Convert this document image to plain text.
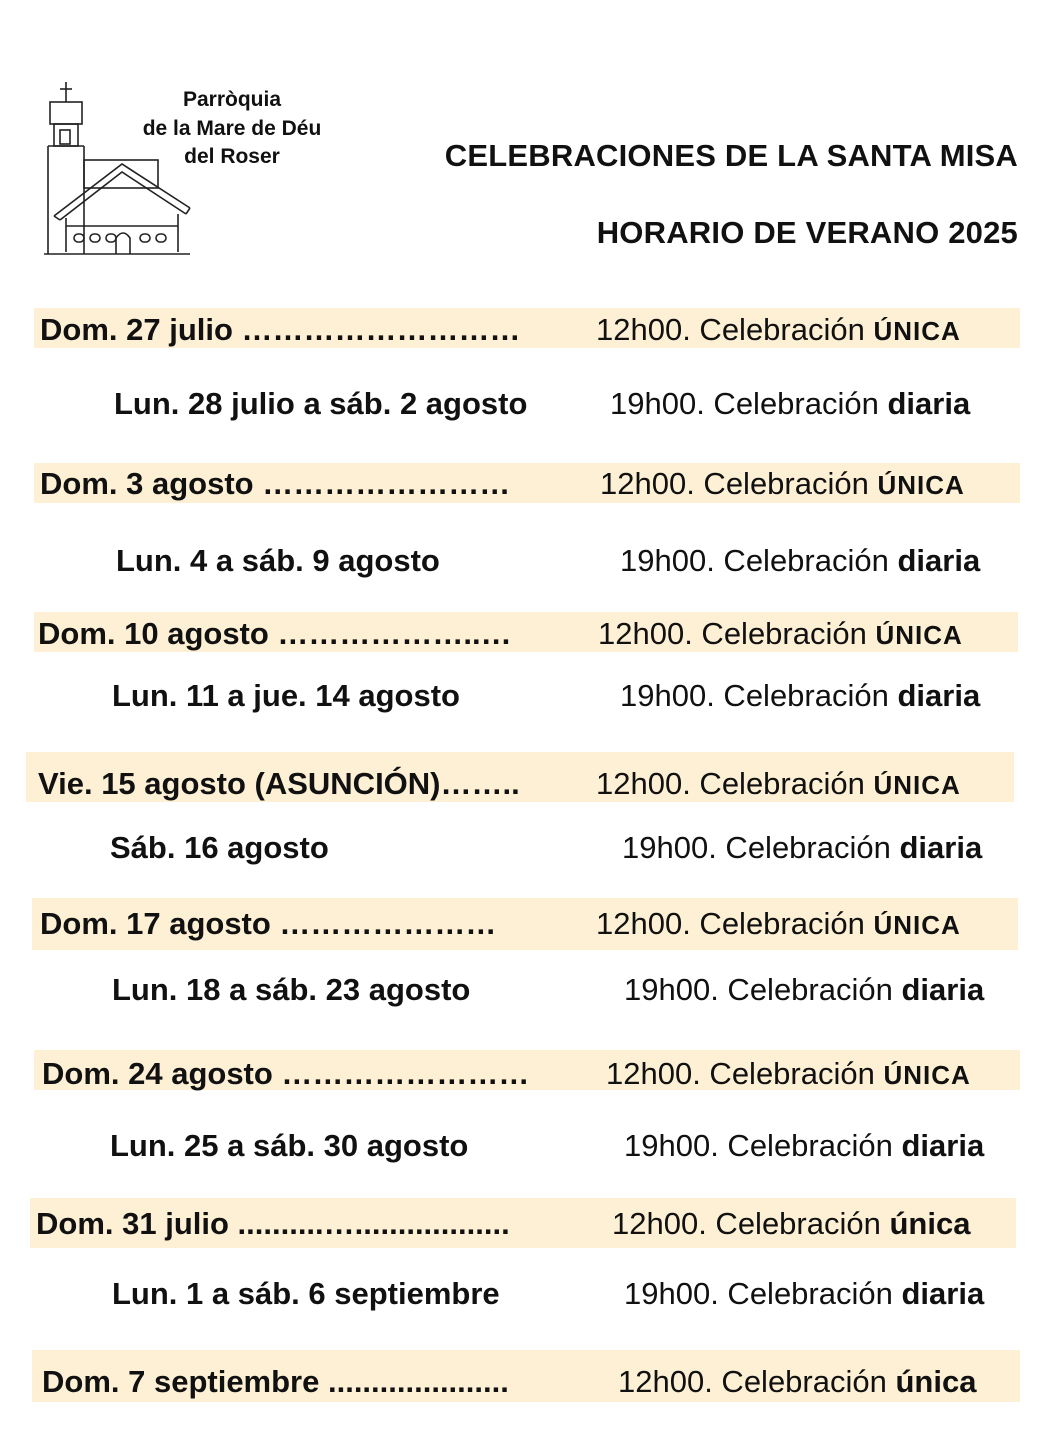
Parròquia
de la Mare de Déu
del Roser	CELEBRACIONES DE LA SANTA MISA
HORARIO DE VERANO 2025
Dom. 27 julio ……………………… 12h00. Celebración ÚNICA
Lun. 28 julio a sáb. 2 agosto	19h00. Celebración diaria
Dom. 3 agosto ……………………	12h00. Celebración ÚNICA
Lun. 4 a sáb. 9 agosto	19h00. Celebración diaria
Dom. 10 agosto ………………..…	12h00. Celebración ÚNICA
Lun. 11 a jue. 14 agosto	19h00. Celebración diaria
Vie. 15 agosto (ASUNCIÓN)…….. 12h00. Celebración ÚNICA
Sáb. 16 agosto	19h00. Celebración diaria
Dom. 17 agosto …………………	12h00. Celebración ÚNICA
Lun. 18 a sáb. 23 agosto	19h00. Celebración diaria
Dom. 24 agosto …………………… 12h00. Celebración ÚNICA
Lun. 25 a sáb. 30 agosto	19h00. Celebración diaria
Dom. 31 julio ..........…..................	12h00. Celebración única
Lun. 1 a sáb. 6 septiembre	19h00. Celebración diaria
Dom. 7 septiembre .....................	12h00. Celebración única
